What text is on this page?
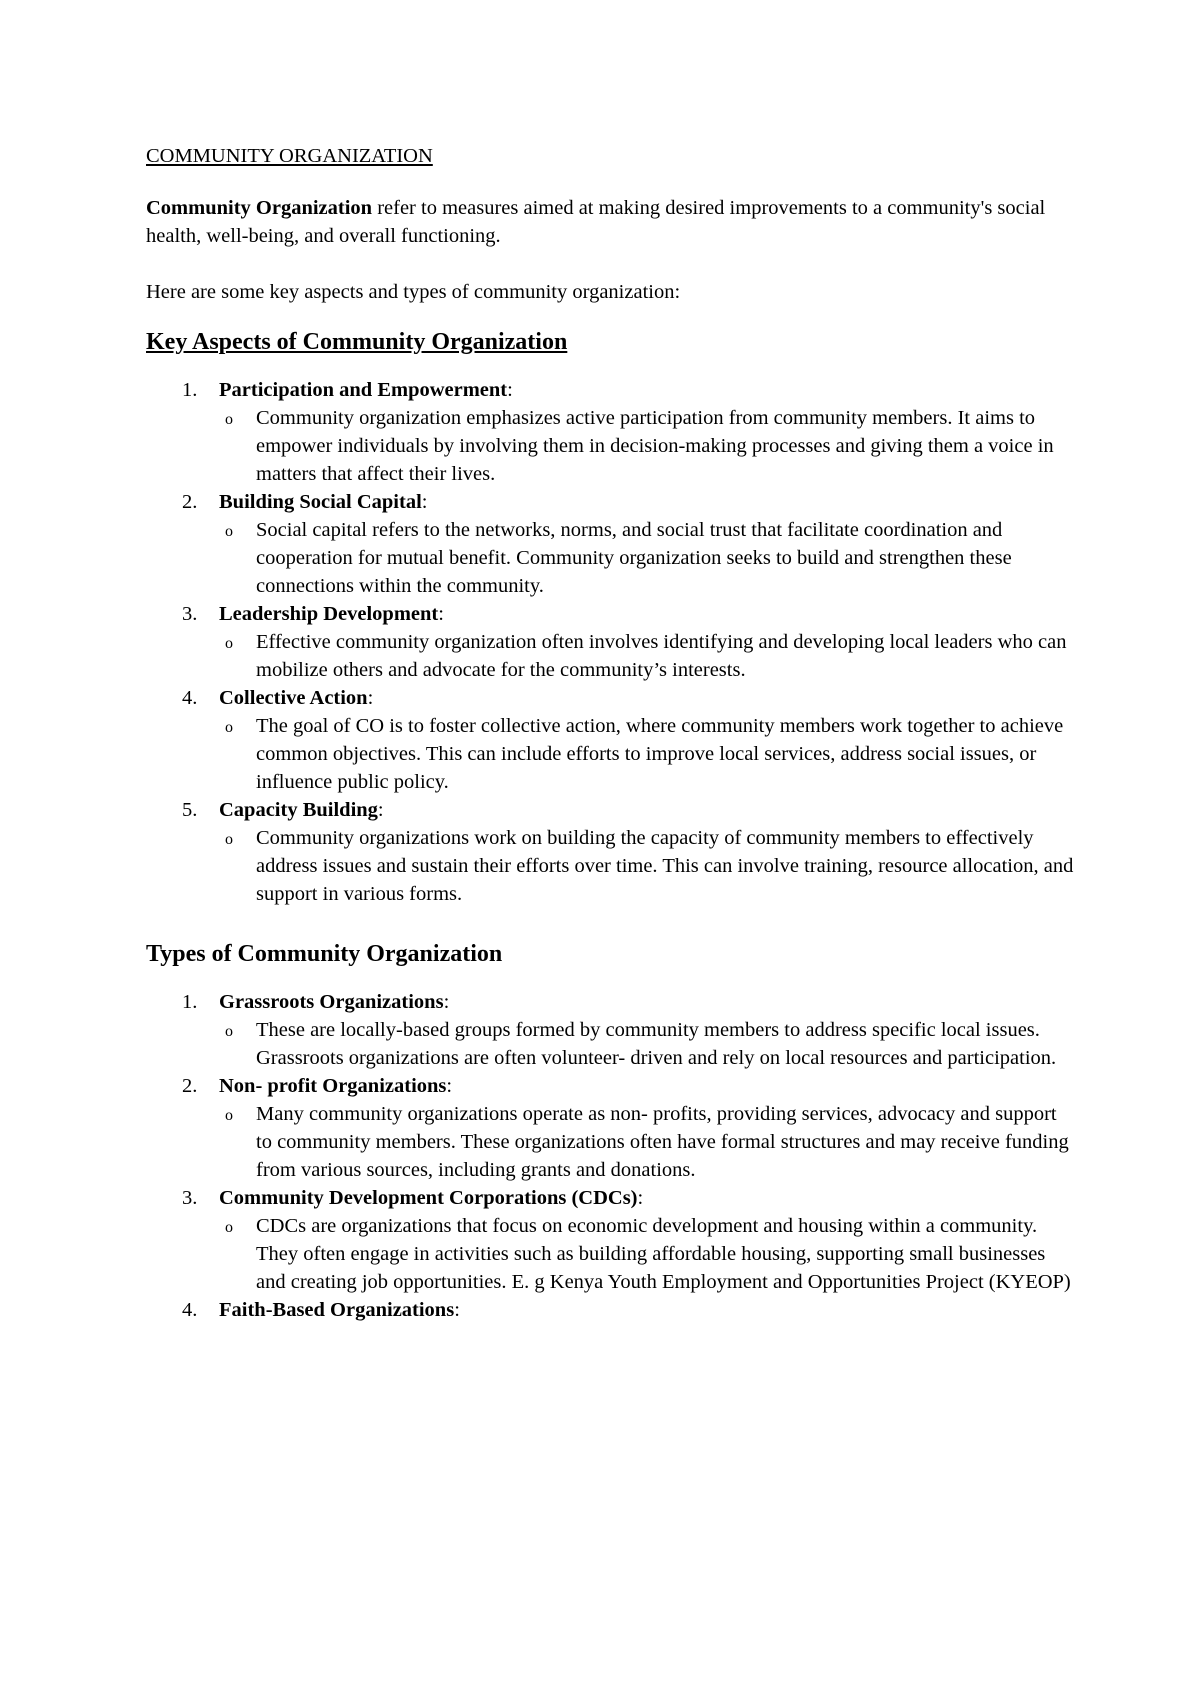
COMMUNITY ORGANIZATION

Community Organization refer to measures aimed at making desired improvements to a community's social health, well-being, and overall functioning.

Here are some key aspects and types of community organization:

Key Aspects of Community Organization
1. Participation and Empowerment:
o Community organization emphasizes active participation from community members. It aims to empower individuals by involving them in decision-making processes and giving them a voice in matters that affect their lives.
2. Building Social Capital:
o Social capital refers to the networks, norms, and social trust that facilitate coordination and cooperation for mutual benefit. Community organization seeks to build and strengthen these connections within the community.
3. Leadership Development:
o Effective community organization often involves identifying and developing local leaders who can mobilize others and advocate for the community’s interests.
4. Collective Action:
o The goal of CO is to foster collective action, where community members work together to achieve common objectives. This can include efforts to improve local services, address social issues, or influence public policy.
5. Capacity Building:
o Community organizations work on building the capacity of community members to effectively address issues and sustain their efforts over time. This can involve training, resource allocation, and support in various forms.
Types of Community Organization
1. Grassroots Organizations:
o These are locally-based groups formed by community members to address specific local issues. Grassroots organizations are often volunteer- driven and rely on local resources and participation.
2. Non- profit Organizations:
o Many community organizations operate as non- profits, providing services, advocacy and support to community members. These organizations often have formal structures and may receive funding from various sources, including grants and donations.
3. Community Development Corporations (CDCs):
o CDCs are organizations that focus on economic development and housing within a community. They often engage in activities such as building affordable housing, supporting small businesses and creating job opportunities. E. g Kenya Youth Employment and Opportunities Project (KYEOP)
4. Faith-Based Organizations:
